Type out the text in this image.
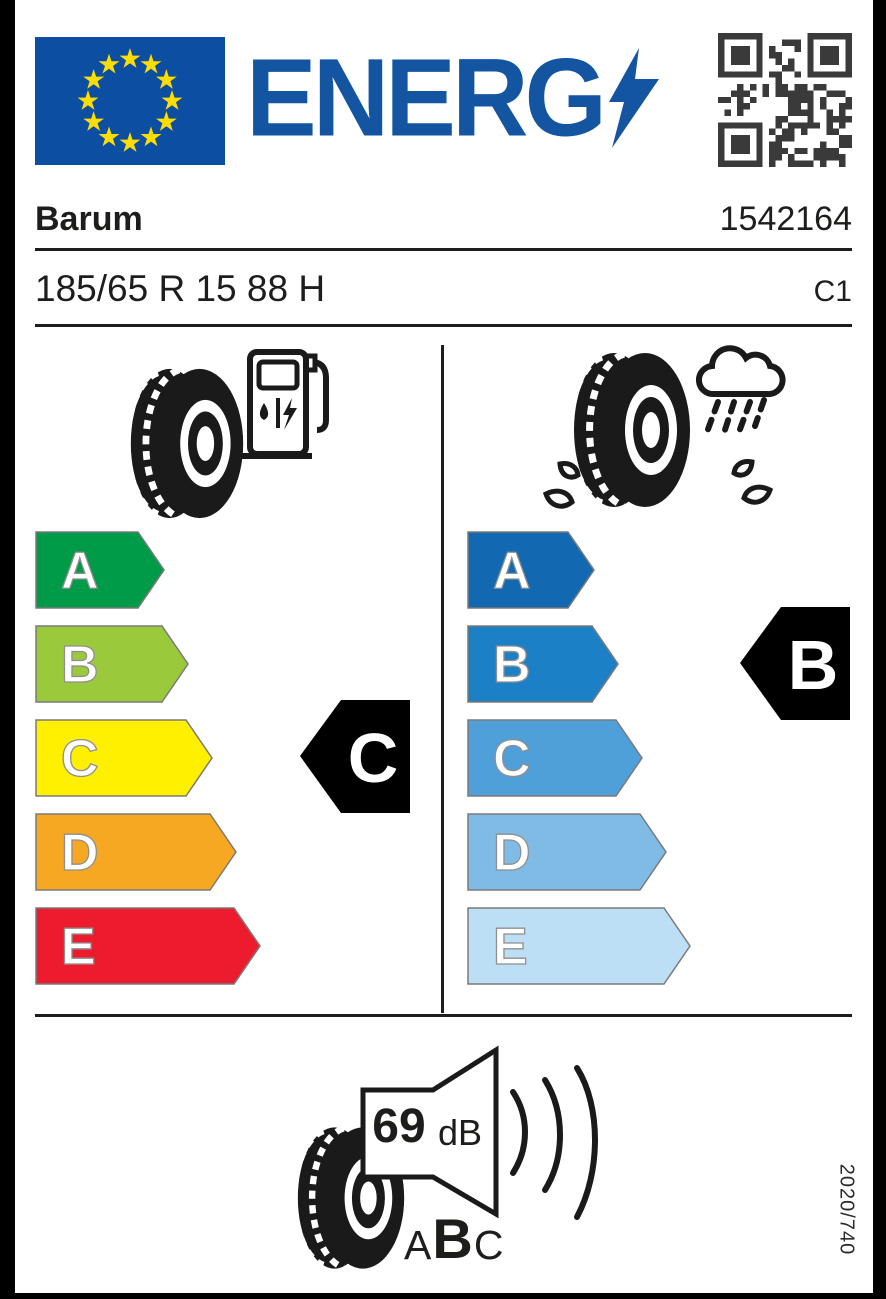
ENERG
Barum	1542164
185/65 R 15 88 H	C1
A
B
C
D
E
A
B
C
D
E
C
B
69 dB
A B C	2020/740
